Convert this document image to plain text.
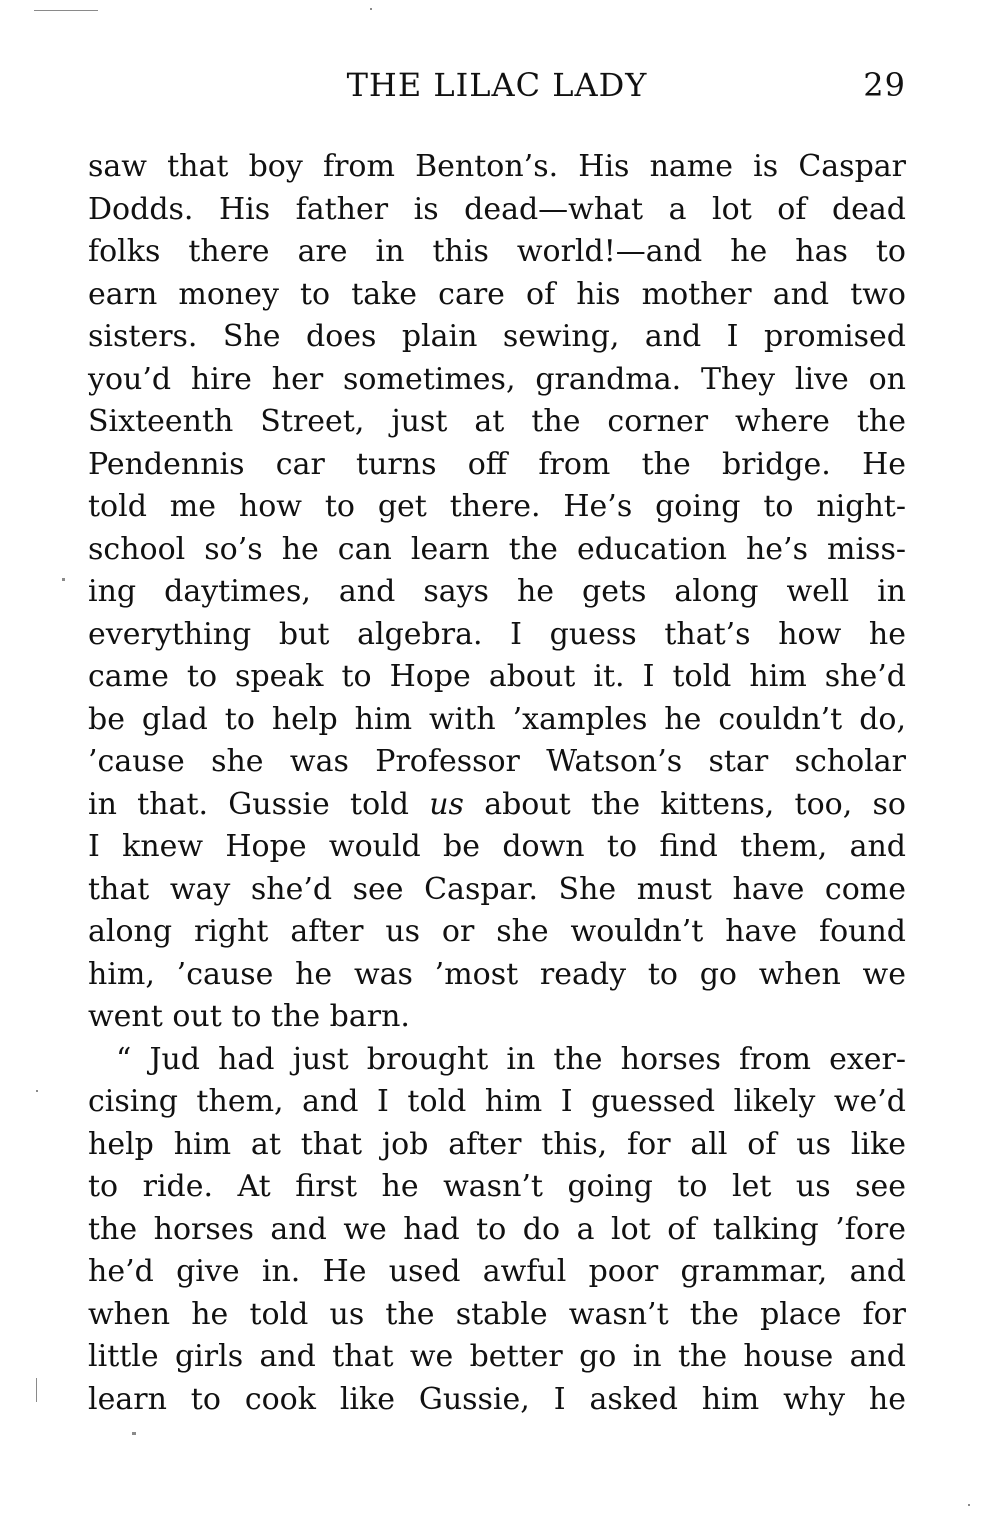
THE LILAC LADY	29
saw that boy from Benton’s. His name is Caspar
Dodds. His father is dead—what a lot of dead
folks there are in this world!—and he has to
earn money to take care of his mother and two
sisters. She does plain sewing, and I promised
you’d hire her sometimes, grandma. They live on
Sixteenth Street, just at the corner where the
Pendennis car turns off from the bridge. He
told me how to get there. He’s going to night-
school so’s he can learn the education he’s miss-
ing daytimes, and says he gets along well in
everything but algebra. I guess that’s how he
came to speak to Hope about it. I told him she’d
be glad to help him with ’xamples he couldn’t do,
’cause she was Professor Watson’s star scholar
in that. Gussie told us about the kittens, too, so
I knew Hope would be down to find them, and
that way she’d see Caspar. She must have come
along right after us or she wouldn’t have found
him, ’cause he was ’most ready to go when we
went out to the barn.
“ Jud had just brought in the horses from exer-
cising them, and I told him I guessed likely we’d
help him at that job after this, for all of us like
to ride. At first he wasn’t going to let us see
the horses and we had to do a lot of talking ’fore
he’d give in. He used awful poor grammar, and
when he told us the stable wasn’t the place for
little girls and that we better go in the house and
learn to cook like Gussie, I asked him why he
